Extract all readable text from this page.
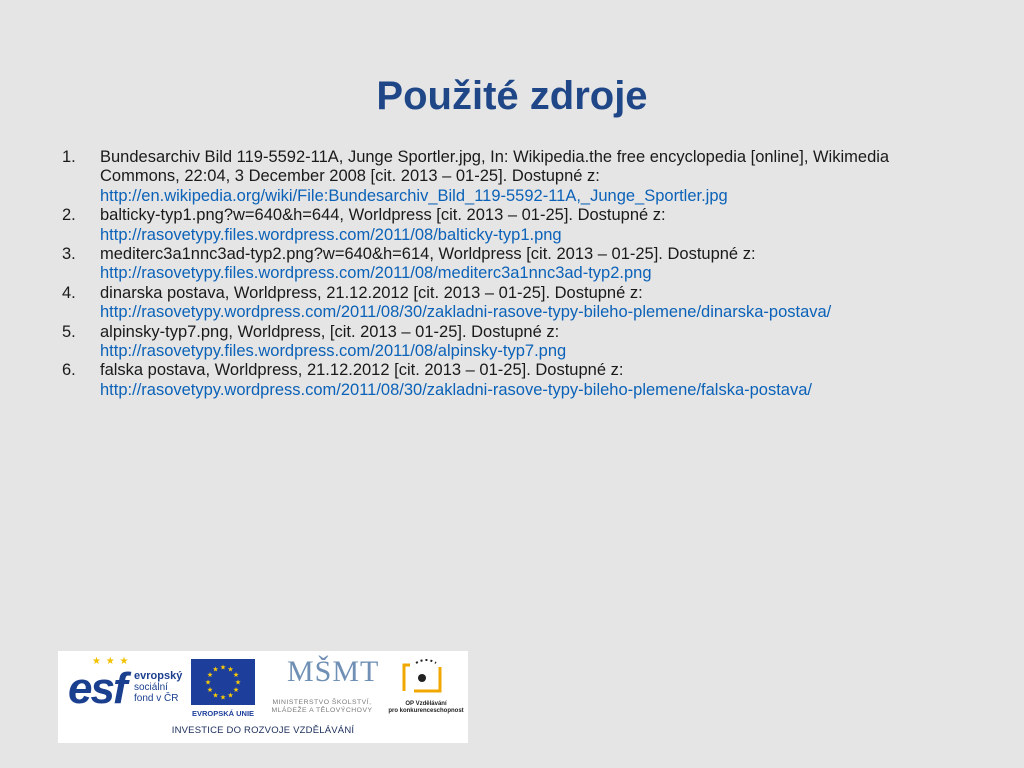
Použité zdroje
1.	Bundesarchiv Bild 119-5592-11A, Junge Sportler.jpg, In: Wikipedia.the free encyclopedia [online], Wikimedia Commons, 22:04, 3 December 2008 [cit. 2013 – 01-25]. Dostupné z:
http://en.wikipedia.org/wiki/File:Bundesarchiv_Bild_119-5592-11A,_Junge_Sportler.jpg
2.	balticky-typ1.png?w=640&h=644, Worldpress [cit. 2013 – 01-25]. Dostupné z:
http://rasovetypy.files.wordpress.com/2011/08/balticky-typ1.png
3.	mediterc3a1nnc3ad-typ2.png?w=640&h=614, Worldpress [cit. 2013 – 01-25]. Dostupné z:
http://rasovetypy.files.wordpress.com/2011/08/mediterc3a1nnc3ad-typ2.png
4.	dinarska postava, Worldpress, 21.12.2012 [cit. 2013 – 01-25]. Dostupné z:
http://rasovetypy.wordpress.com/2011/08/30/zakladni-rasove-typy-bileho-plemene/dinarska-postava/
5.	alpinsky-typ7.png, Worldpress, [cit. 2013 – 01-25]. Dostupné z:
http://rasovetypy.files.wordpress.com/2011/08/alpinsky-typ7.png
6.	falska postava, Worldpress, 21.12.2012 [cit. 2013 – 01-25]. Dostupné z:
http://rasovetypy.wordpress.com/2011/08/30/zakladni-rasove-typy-bileho-plemene/falska-postava/
★ ★ ★
esf evropský
sociální
fond v ČR
★ ★
★
★
★
★
★
★
★
★
★
★
EVROPSKÁ UNIE
MŠMT
MINISTERSTVO ŠKOLSTVÍ,
MLÁDEŽE A TĚLOVÝCHOVY
OP Vzdělávání
pro konkurenceschopnost
INVESTICE DO ROZVOJE VZDĚLÁVÁNÍ
